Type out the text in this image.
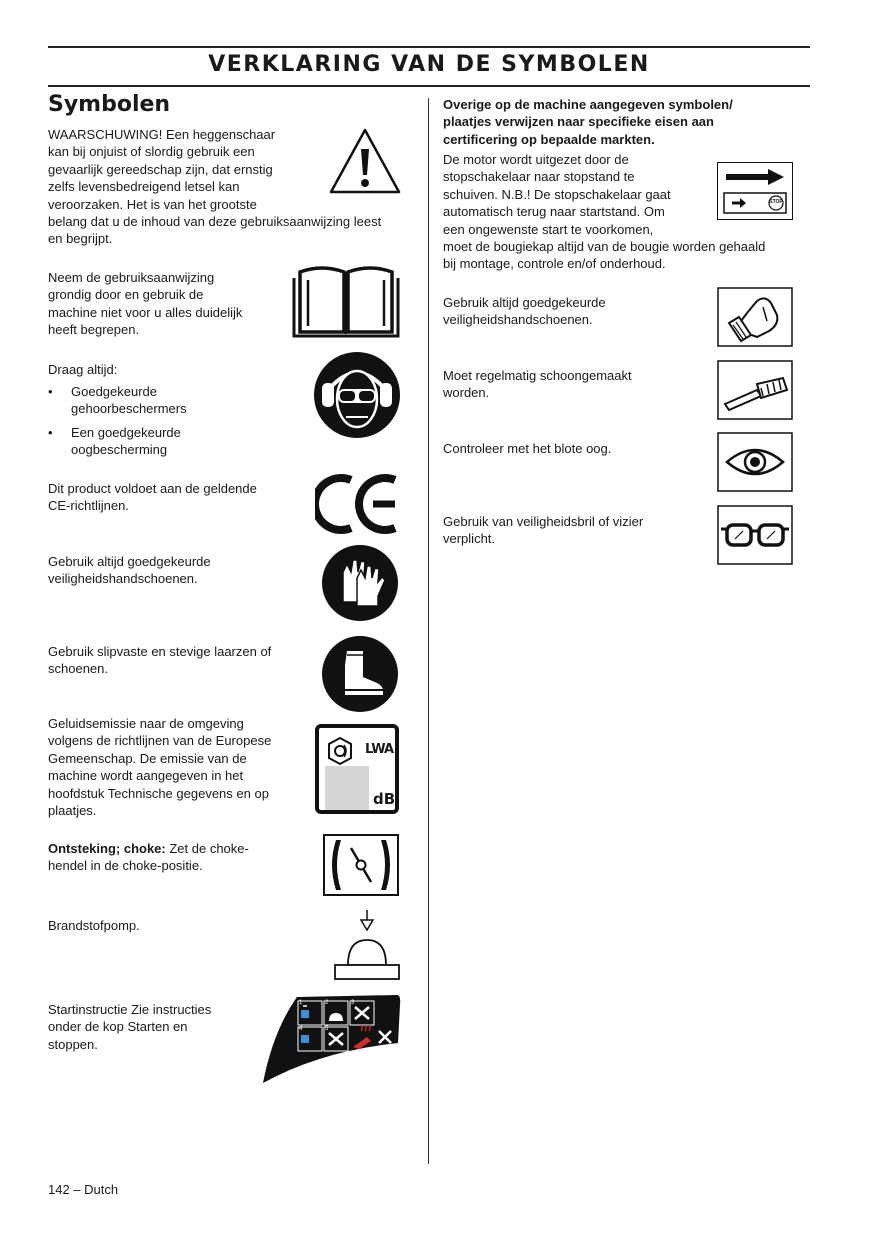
VERKLARING VAN DE SYMBOLEN
Symbolen

WAARSCHUWING! Een heggenschaar

kan bij onjuist of slordig gebruik een

gevaarlijk gereedschap zijn, dat ernstig

zelfs levensbedreigend letsel kan

veroorzaken. Het is van het grootste

belang dat u de inhoud van deze gebruiksaanwijzing leest

en begrijpt.

Neem de gebruiksaanwijzing

grondig door en gebruik de

machine niet voor u alles duidelijk

heeft begrepen.

Draag altijd:
• Goedgekeurde
gehoorbeschermers
• Een goedgekeurde
oogbescherming

Dit product voldoet aan de geldende

CE-richtlijnen.

Gebruik altijd goedgekeurde

veiligheidshandschoenen.

Gebruik slipvaste en stevige laarzen of

schoenen.

Geluidsemissie naar de omgeving

volgens de richtlijnen van de Europese

Gemeenschap. De emissie van de

machine wordt aangegeven in het

hoofdstuk Technische gegevens en op

plaatjes.

LWA
dB

Ontsteking; choke: Zet de choke-

hendel in de choke-positie.

Brandstofpomp.

Startinstructie Zie instructies

onder de kop Starten en

stoppen.

1	2	3
4	5
Overige op de machine aangegeven symbolen/
plaatjes verwijzen naar specifieke eisen aan
certificering op bepaalde markten.

De motor wordt uitgezet door de

stopschakelaar naar stopstand te

schuiven. N.B.! De stopschakelaar gaat

automatisch terug naar startstand. Om

een ongewenste start te voorkomen,

moet de bougiekap altijd van de bougie worden gehaald

bij montage, controle en/of onderhoud.

STOP

Gebruik altijd goedgekeurde

veiligheidshandschoenen.

Moet regelmatig schoongemaakt

worden.

Controleer met het blote oog.

Gebruik van veiligheidsbril of vizier

verplicht.

142 – Dutch
